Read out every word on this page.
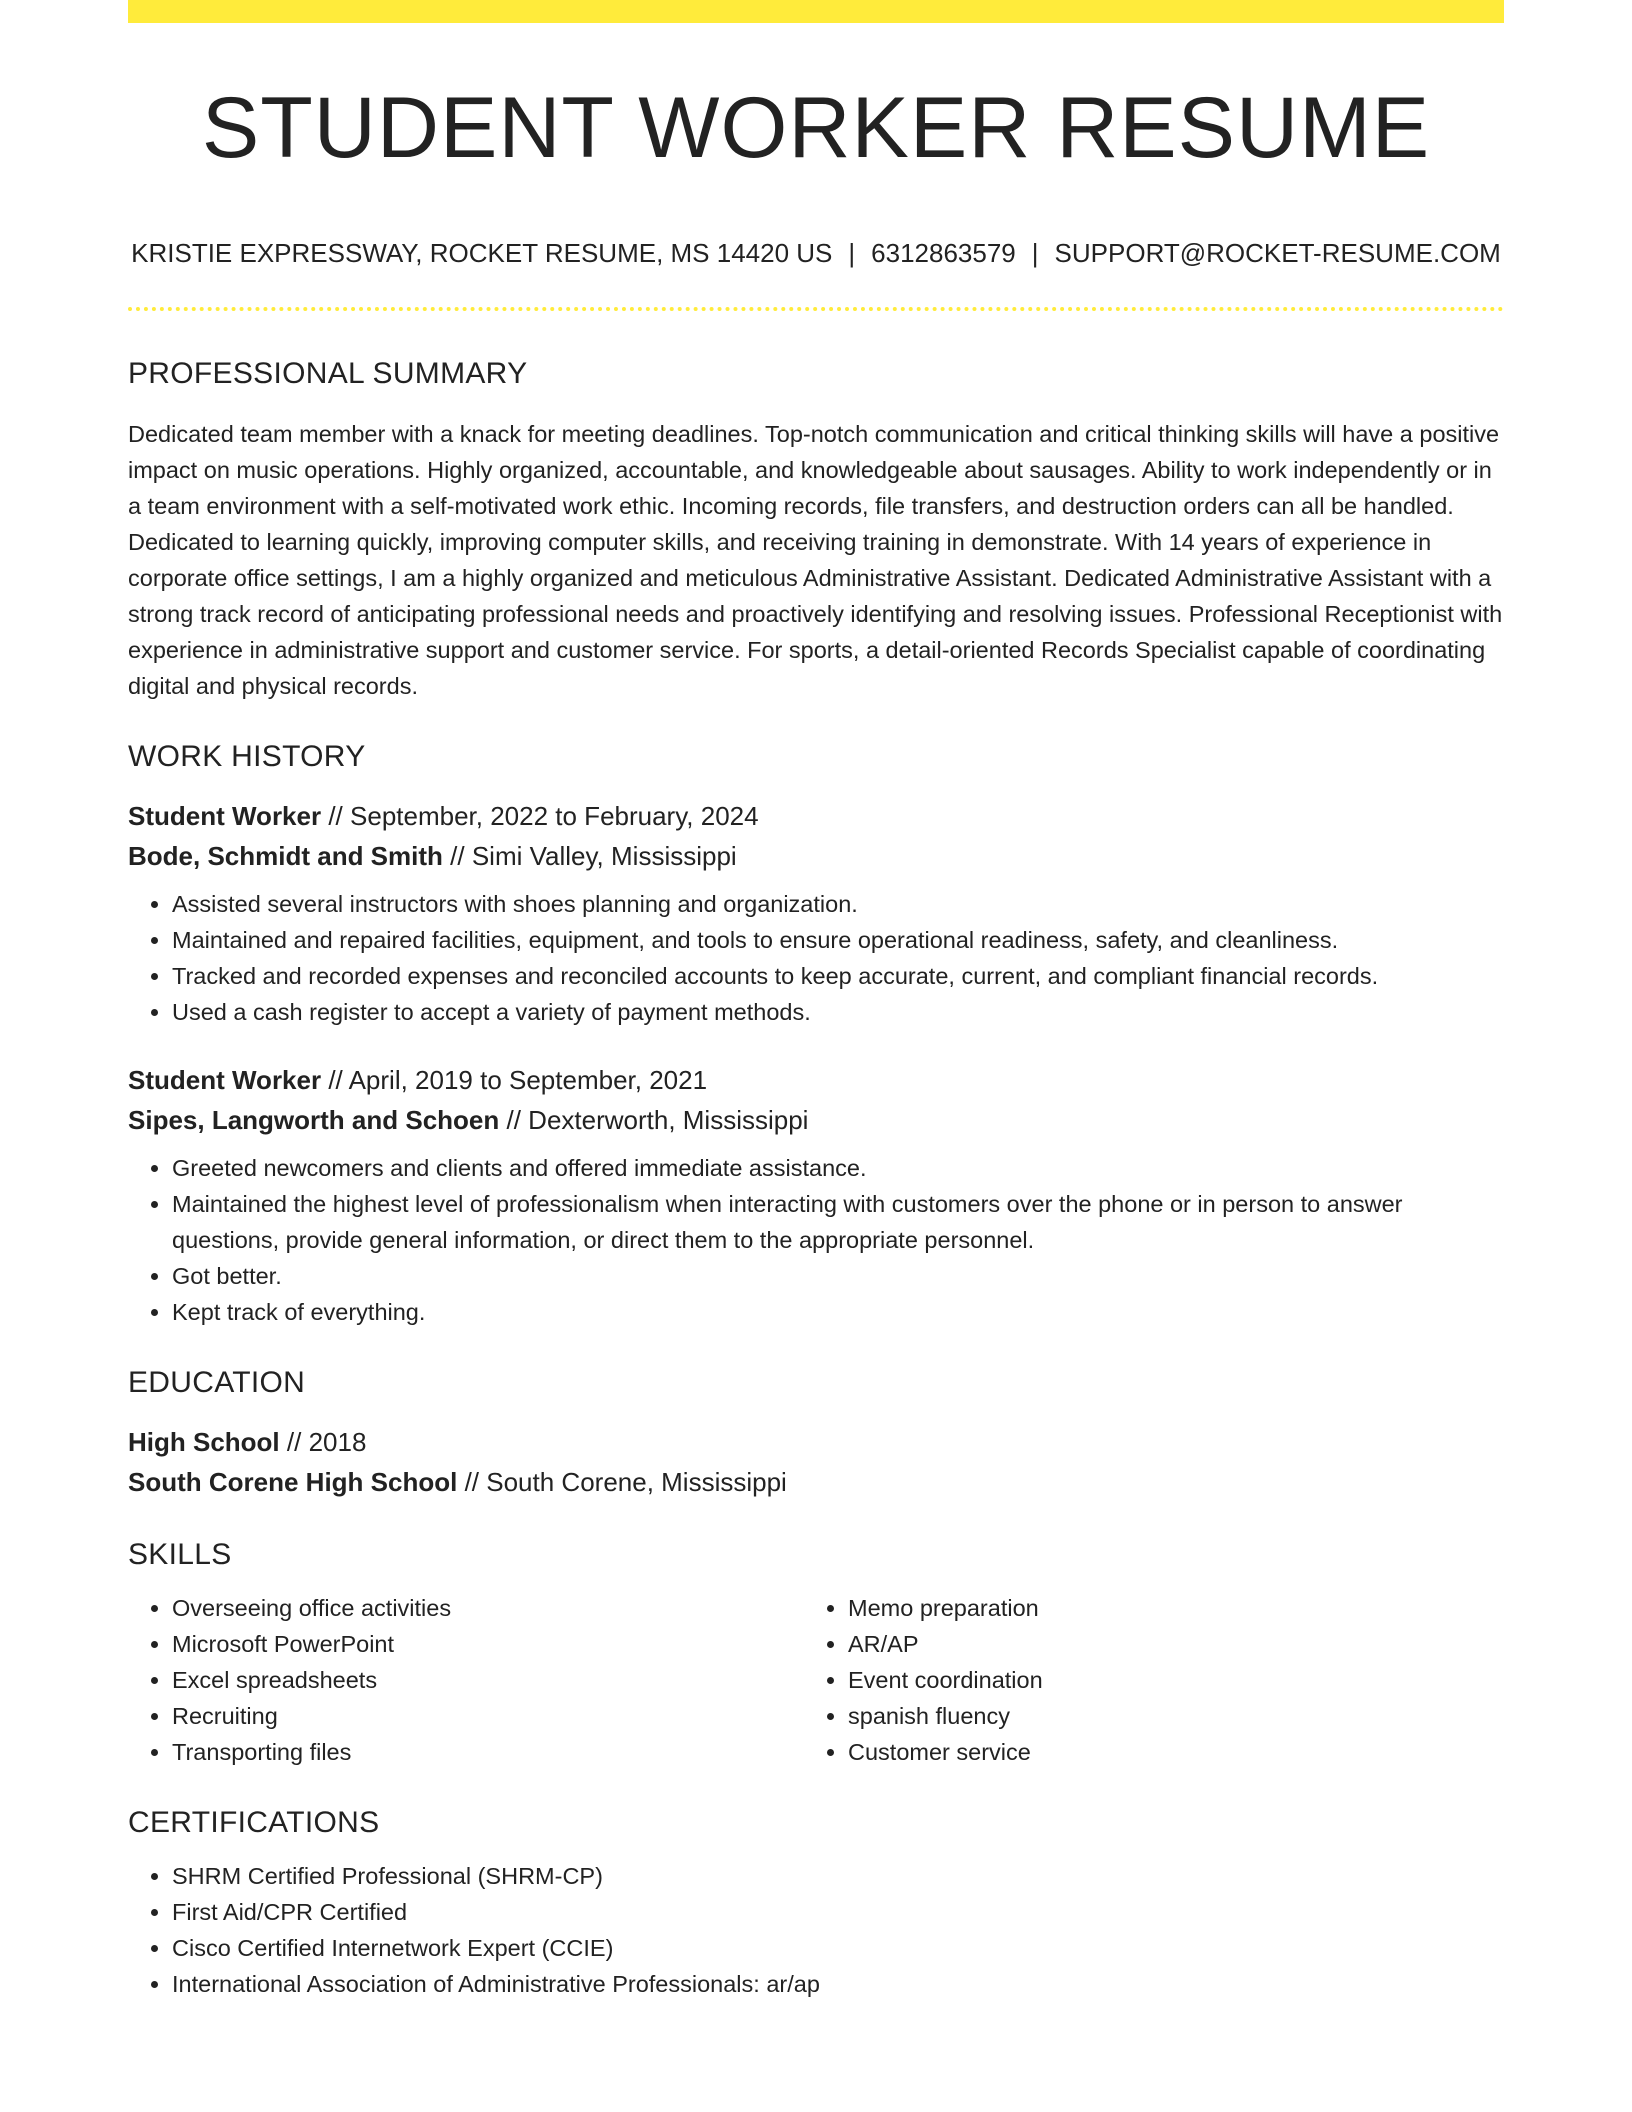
STUDENT WORKER RESUME
KRISTIE EXPRESSWAY, ROCKET RESUME, MS 14420 US | 6312863579 | SUPPORT@ROCKET-RESUME.COM
PROFESSIONAL SUMMARY
Dedicated team member with a knack for meeting deadlines. Top-notch communication and critical thinking skills will have a positive impact on music operations. Highly organized, accountable, and knowledgeable about sausages. Ability to work independently or in a team environment with a self-motivated work ethic. Incoming records, file transfers, and destruction orders can all be handled. Dedicated to learning quickly, improving computer skills, and receiving training in demonstrate. With 14 years of experience in corporate office settings, I am a highly organized and meticulous Administrative Assistant. Dedicated Administrative Assistant with a strong track record of anticipating professional needs and proactively identifying and resolving issues. Professional Receptionist with experience in administrative support and customer service. For sports, a detail-oriented Records Specialist capable of coordinating digital and physical records.
WORK HISTORY
Student Worker // September, 2022 to February, 2024
Bode, Schmidt and Smith // Simi Valley, Mississippi
• Assisted several instructors with shoes planning and organization.
• Maintained and repaired facilities, equipment, and tools to ensure operational readiness, safety, and cleanliness.
• Tracked and recorded expenses and reconciled accounts to keep accurate, current, and compliant financial records.
• Used a cash register to accept a variety of payment methods.
Student Worker // April, 2019 to September, 2021
Sipes, Langworth and Schoen // Dexterworth, Mississippi
• Greeted newcomers and clients and offered immediate assistance.
• Maintained the highest level of professionalism when interacting with customers over the phone or in person to answer questions, provide general information, or direct them to the appropriate personnel.
• Got better.
• Kept track of everything.
EDUCATION
High School // 2018
South Corene High School // South Corene, Mississippi
SKILLS
• Overseeing office activities
• Microsoft PowerPoint
• Excel spreadsheets
• Recruiting
• Transporting files
• Memo preparation
• AR/AP
• Event coordination
• spanish fluency
• Customer service
CERTIFICATIONS
• SHRM Certified Professional (SHRM-CP)
• First Aid/CPR Certified
• Cisco Certified Internetwork Expert (CCIE)
• International Association of Administrative Professionals: ar/ap
